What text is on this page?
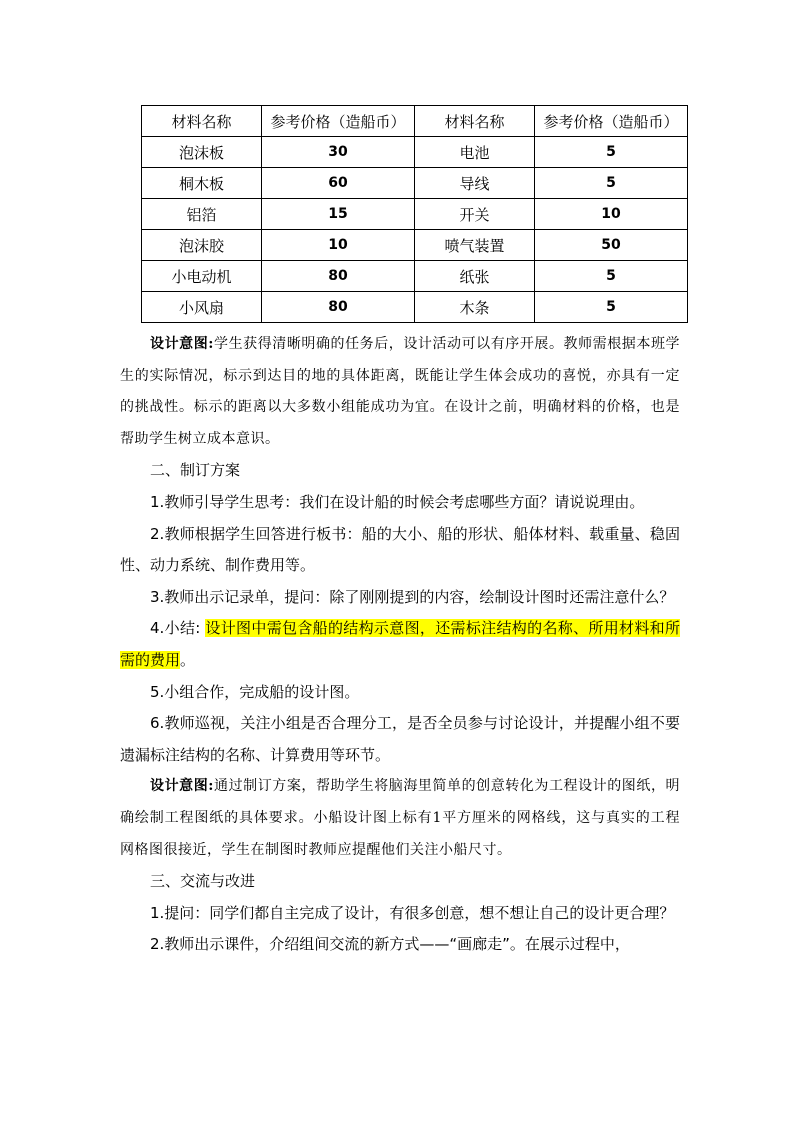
材料名称	参考价格（造船币）	材料名称	参考价格（造船币）
泡沫板	30	电池	5
桐木板	60	导线	5
铝箔	15	开关	10
泡沫胶	10	喷气装置	50
小电动机	80	纸张	5
小风扇	80	木条	5

设计意图:学生获得清晰明确的任务后，设计活动可以有序开展。教师需根据本班学生的实际情况，标示到达目的地的具体距离，既能让学生体会成功的喜悦，亦具有一定的挑战性。标示的距离以大多数小组能成功为宜。在设计之前，明确材料的价格，也是帮助学生树立成本意识。

二、制订方案

1.教师引导学生思考：我们在设计船的时候会考虑哪些方面？请说说理由。

2.教师根据学生回答进行板书：船的大小、船的形状、船体材料、载重量、稳固性、动力系统、制作费用等。

3.教师出示记录单，提问：除了刚刚提到的内容，绘制设计图时还需注意什么？

4.小结: 设计图中需包含船的结构示意图，还需标注结构的名称、所用材料和所需的费用。

5.小组合作，完成船的设计图。

6.教师巡视，关注小组是否合理分工，是否全员参与讨论设计，并提醒小组不要遗漏标注结构的名称、计算费用等环节。

设计意图:通过制订方案，帮助学生将脑海里简单的创意转化为工程设计的图纸，明确绘制工程图纸的具体要求。小船设计图上标有1平方厘米的网格线，这与真实的工程网格图很接近，学生在制图时教师应提醒他们关注小船尺寸。

三、交流与改进

1.提问：同学们都自主完成了设计，有很多创意，想不想让自己的设计更合理？

2.教师出示课件，介绍组间交流的新方式——“画廊走”。在展示过程中，
